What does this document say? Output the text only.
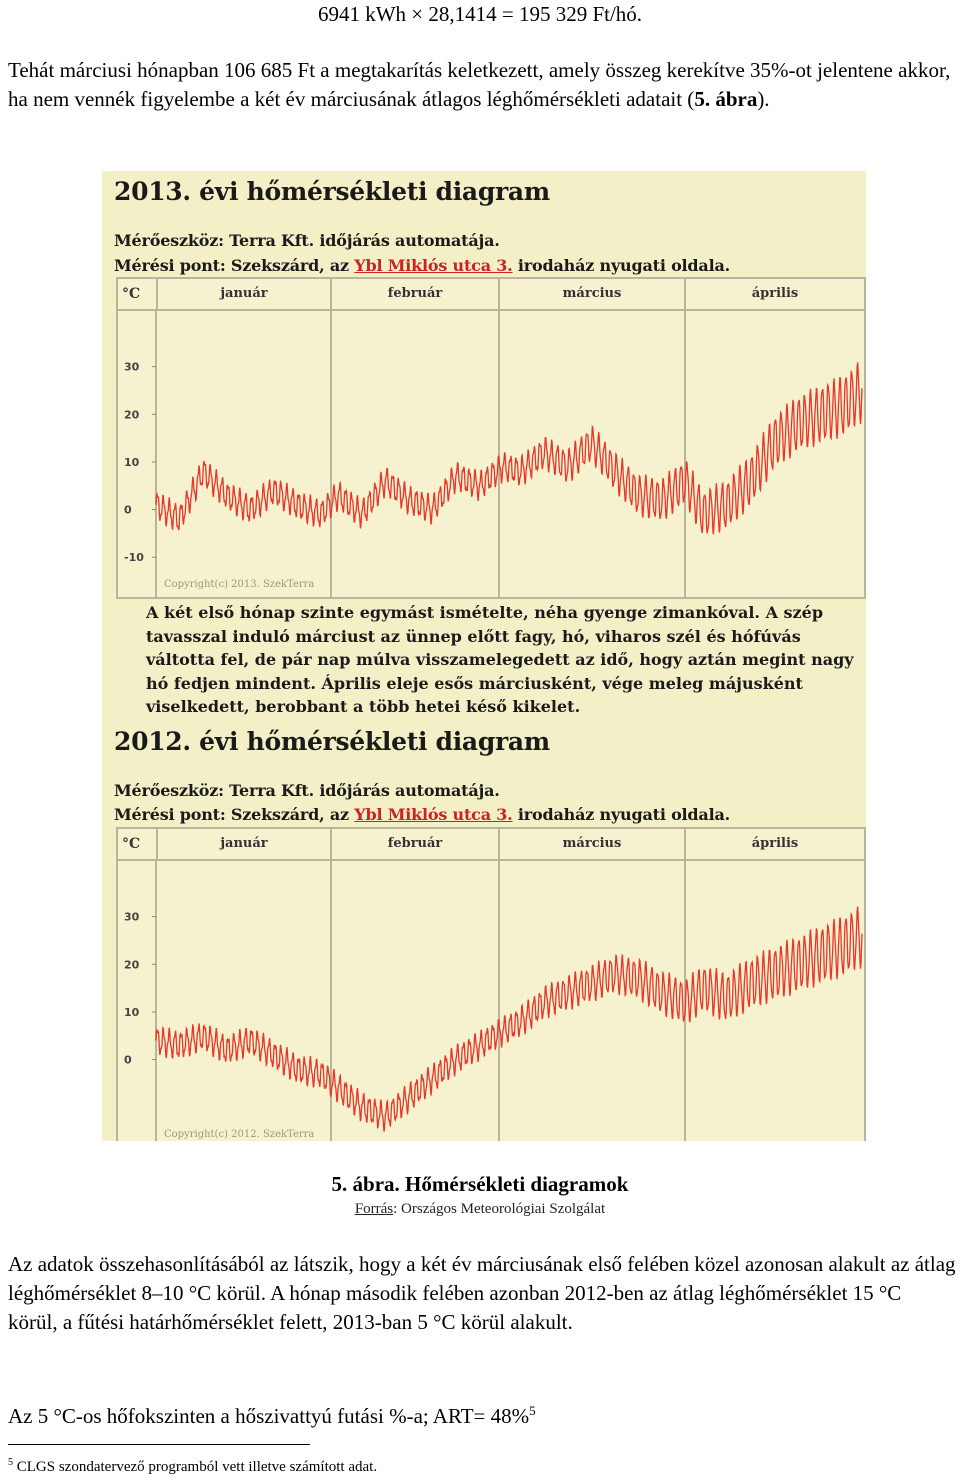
6941 kWh × 28,1414 = 195 329 Ft/hó.

Tehát márciusi hónapban 106 685 Ft a megtakarítás keletkezett, amely összeg kerekítve 35%-ot jelentene akkor, ha nem vennék figyelembe a két év márciusának átlagos léghőmérsékleti adatait (5. ábra).

2013. évi hőmérsékleti diagram
Mérőeszköz: Terra Kft. időjárás automatája.
Mérési pont: Szekszárd, az Ybl Miklós utca 3. irodaház nyugati oldala.
°C	január	február	március	április
30
20
10
0
-10
Copyright(c) 2013. SzekTerra
A két első hónap szinte egymást ismételte, néha gyenge zimankóval. A szép tavasszal induló márciust az ünnep előtt fagy, hó, viharos szél és hófúvás váltotta fel, de pár nap múlva visszamelegedett az idő, hogy aztán megint nagy hó fedjen mindent. Április eleje esős márciusként, vége meleg májusként viselkedett, berobbant a több hetei késő kikelet.
2012. évi hőmérsékleti diagram
Mérőeszköz: Terra Kft. időjárás automatája.
Mérési pont: Szekszárd, az Ybl Miklós utca 3. irodaház nyugati oldala.
°C	január	február	március	április
30
20
10
0
Copyright(c) 2012. SzekTerra
5. ábra. Hőmérsékleti diagramok
Forrás: Országos Meteorológiai Szolgálat

Az adatok összehasonlításából az látszik, hogy a két év márciusának első felében közel azonosan alakult az átlag léghőmérséklet 8–10 °C körül. A hónap második felében azonban 2012-ben az átlag léghőmérséklet 15 °C körül, a fűtési határhőmérséklet felett, 2013-ban 5 °C körül alakult.

Az 5 °C-os hőfokszinten a hőszivattyú futási %-a; ART= 48%$^5$

$^5$ CLGS szondatervező programból vett illetve számított adat.
